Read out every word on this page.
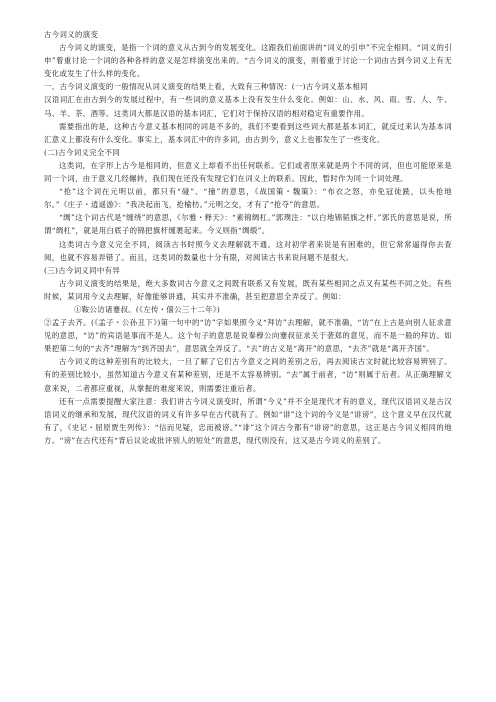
古今词义的演变

古今词义的演变，是指一个词的意义从古到今的发展变化。这跟我们前面讲的“词义的引申”不完全相同。“词义的引申”着重讨论一个词的各种各样的意义是怎样演变出来的。“古今词义的演变，则着重于讨论一个词由古到今词义上有无变化或发生了什么样的变化。

一、古今词义演变的一般情况从词义演变的结果上看，大致有三种情况：(一)古今词义基本相同

汉语词汇在由古到今的发展过程中，有一些词的意义基本上没有发生什么变化。例如：山、水、风、雨、雪、人、牛、马、羊、茶、酒等。这类词大都是汉语的基本词汇，它们对于保持汉语的相对稳定有重要作用。

需要指出的是，这种古今意义基本相同的词是不多的，我们不要看到这些词大都是基本词汇，就反过来认为基本词汇意义上都没有什么变化。事实上，基本词汇中的许多词，由古到今，意义上也都发生了一些变化。

(二)古今词义完全不同

这类词，在字形上古今是相同的，但意义上却看不出任何联系。它们或者原来就是两个不同的词，但也可能原来是同一个词，由于意义几经辗转，我们现在还没有发现它们在词义上的联系。因此，暂时作为同一个词处理。

“抢”这个词在元明以前，都只有“碰”、“撞”的意思，《战国策・魏策》：“布衣之怒，亦免冠徒跣，以头抢地尔。”《庄子・逍遥游》：“我决起而飞，抢榆枋。”元明之交，才有了“抢夺”的意思。

“绸”这个词古代是“缠绕”的意思，《尔雅・释天》：“素锦绸杠。”郭璞注：“以白地锦韬旗之杆。”郭氏的意思是说，所谓“绸杠”，就是用白底子的锦把旗杆缠裹起来。今义则指“绸缎”。

这类词古今意义完全不同，阅读古书时照今义去理解就不通。这对初学者来说是有困难的，但它常常逼得你去查阅，也就不容易弄错了。而且，这类词的数量也十分有限，对阅读古书来说问题不是很大。

(三)古今词义同中有异

古今词义演变的结果是，绝大多数词古今意义之间既有联系又有发展，既有某些相同之点又有某些不同之处。有些时候，某词用今义去理解，好像能够讲通，其实并不准确，甚至把意思全弄反了。例如：

①鞍公访诸蹇叔。(《左传・僖公三十二年》)

②孟子去齐。(《孟子・公孙丑下》)第一句中的“访”字如果照今义“拜访”去理解，就不准确，“访”在上古是向别人征求意见的意思，“访”的宾语是事而不是人。这个句子的意思是说秦穆公向蹇叔征求关于袭郑的意见，而不是一般的拜访。如果把第二句的“去齐”理解为“到齐国去”，意思就全弄反了。“去”的古义是“离开”的意思，“去齐”就是“离开齐国”。

古今词义的这种差别有的比较大，一旦了解了它们古今意义之间的差别之后，再去阅读古文时就比较容易辨别了。有的差别比较小，虽然知道古今意义有某种差别，还是不太容易辨别。“去”属于前者，“访”则属于后者。从正确理解文意来说，二者都应重视，从掌握的难度来说，则需要注重后者。

还有一点需要提醒大家注意：我们讲古今词义演变时，所谓“今义”并不全是现代才有的意义，现代汉语词义是古汉语词义的继承和发展，现代汉语的词义有许多早在古代就有了。例如“诽”这个词的今义是“诽谤”，这个意义早在汉代就有了，《史记・屈原贾生列传》：“信而见疑，忠而被谤。”“诽”这个词古今都有“诽谤”的意思，这正是古今词义相同的地方。“谤”在古代还有“背后议论或批评别人的短处”的意思，现代则没有，这又是古今词义的差别了。
